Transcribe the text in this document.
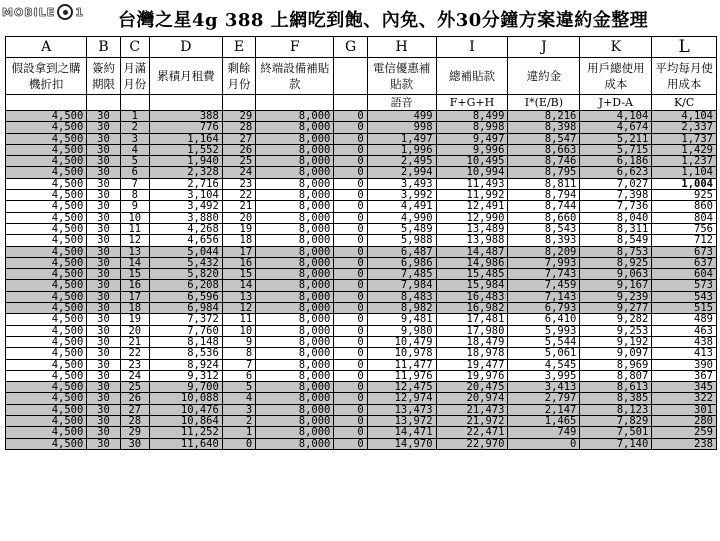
MOBILE 1 台灣之星4g 388 上網吃到飽、內免、外30分鐘方案違約金整理
A	B	C	D	E	F	G	H	I	J	K	L
假設拿到之購機折扣	簽約期限	月滿月份	累積月租費	剩餘月份	終端設備補貼款		電信優惠補貼款	總補貼款	違約金	用戶總使用成本	平均每月使用成本
							語音	F+G+H	I*(E/B)	J+D-A	K/C
4,500	30	1	388	29	8,000	0	499	8,499	8,216	4,104	4,104
4,500	30	2	776	28	8,000	0	998	8,998	8,398	4,674	2,337
4,500	30	3	1,164	27	8,000	0	1,497	9,497	8,547	5,211	1,737
4,500	30	4	1,552	26	8,000	0	1,996	9,996	8,663	5,715	1,429
4,500	30	5	1,940	25	8,000	0	2,495	10,495	8,746	6,186	1,237
4,500	30	6	2,328	24	8,000	0	2,994	10,994	8,795	6,623	1,104
4,500	30	7	2,716	23	8,000	0	3,493	11,493	8,811	7,027	1,004
4,500	30	8	3,104	22	8,000	0	3,992	11,992	8,794	7,398	925
4,500	30	9	3,492	21	8,000	0	4,491	12,491	8,744	7,736	860
4,500	30	10	3,880	20	8,000	0	4,990	12,990	8,660	8,040	804
4,500	30	11	4,268	19	8,000	0	5,489	13,489	8,543	8,311	756
4,500	30	12	4,656	18	8,000	0	5,988	13,988	8,393	8,549	712
4,500	30	13	5,044	17	8,000	0	6,487	14,487	8,209	8,753	673
4,500	30	14	5,432	16	8,000	0	6,986	14,986	7,993	8,925	637
4,500	30	15	5,820	15	8,000	0	7,485	15,485	7,743	9,063	604
4,500	30	16	6,208	14	8,000	0	7,984	15,984	7,459	9,167	573
4,500	30	17	6,596	13	8,000	0	8,483	16,483	7,143	9,239	543
4,500	30	18	6,984	12	8,000	0	8,982	16,982	6,793	9,277	515
4,500	30	19	7,372	11	8,000	0	9,481	17,481	6,410	9,282	489
4,500	30	20	7,760	10	8,000	0	9,980	17,980	5,993	9,253	463
4,500	30	21	8,148	9	8,000	0	10,479	18,479	5,544	9,192	438
4,500	30	22	8,536	8	8,000	0	10,978	18,978	5,061	9,097	413
4,500	30	23	8,924	7	8,000	0	11,477	19,477	4,545	8,969	390
4,500	30	24	9,312	6	8,000	0	11,976	19,976	3,995	8,807	367
4,500	30	25	9,700	5	8,000	0	12,475	20,475	3,413	8,613	345
4,500	30	26	10,088	4	8,000	0	12,974	20,974	2,797	8,385	322
4,500	30	27	10,476	3	8,000	0	13,473	21,473	2,147	8,123	301
4,500	30	28	10,864	2	8,000	0	13,972	21,972	1,465	7,829	280
4,500	30	29	11,252	1	8,000	0	14,471	22,471	749	7,501	259
4,500	30	30	11,640	0	8,000	0	14,970	22,970	0	7,140	238
